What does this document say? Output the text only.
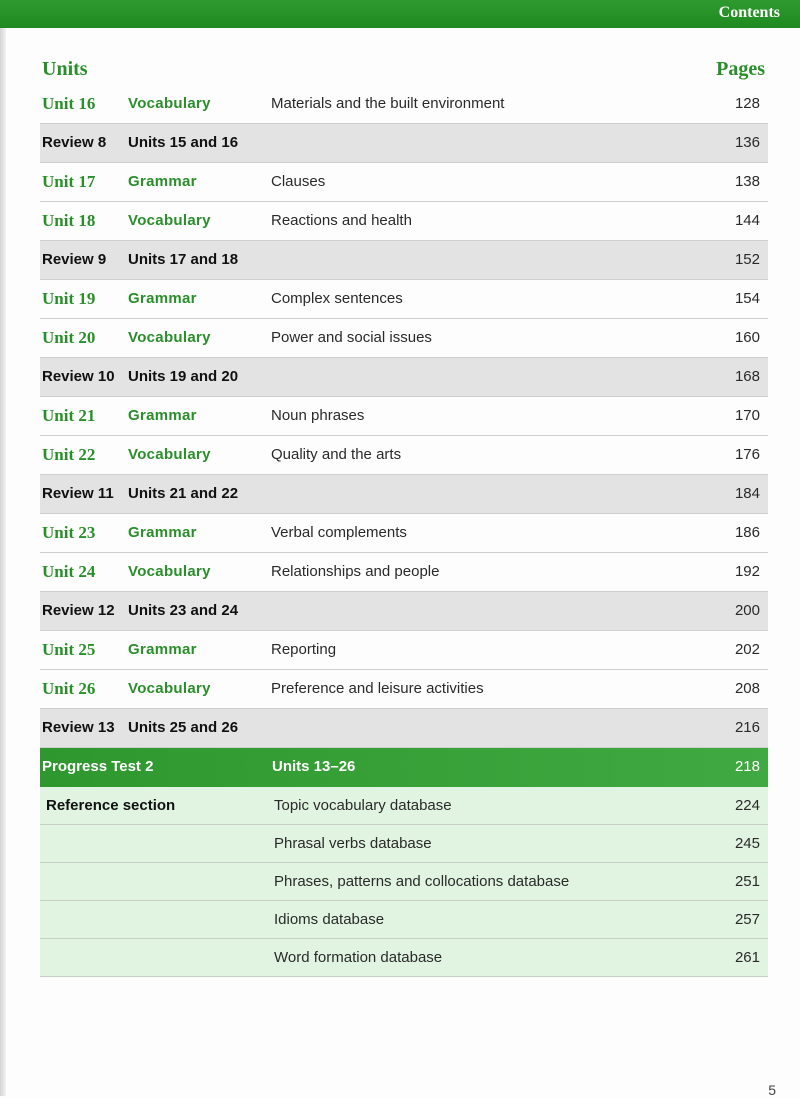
Contents
Units	Pages
Unit 16 Vocabulary	Materials and the built environment	128
Review 8 Units 15 and 16	136
Unit 17 Grammar	Clauses	138
Unit 18 Vocabulary	Reactions and health	144
Review 9 Units 17 and 18	152
Unit 19 Grammar	Complex sentences	154
Unit 20 Vocabulary	Power and social issues	160
Review 10 Units 19 and 20	168
Unit 21 Grammar	Noun phrases	170
Unit 22 Vocabulary	Quality and the arts	176
Review 11 Units 21 and 22	184
Unit 23 Grammar	Verbal complements	186
Unit 24 Vocabulary	Relationships and people	192
Review 12 Units 23 and 24	200
Unit 25 Grammar	Reporting	202
Unit 26 Vocabulary	Preference and leisure activities	208
Review 13 Units 25 and 26	216
Progress Test 2	Units 13–26	218
Reference section	Topic vocabulary database	224
Phrasal verbs database	245
Phrases, patterns and collocations database	251
Idioms database	257
Word formation database	261
5
